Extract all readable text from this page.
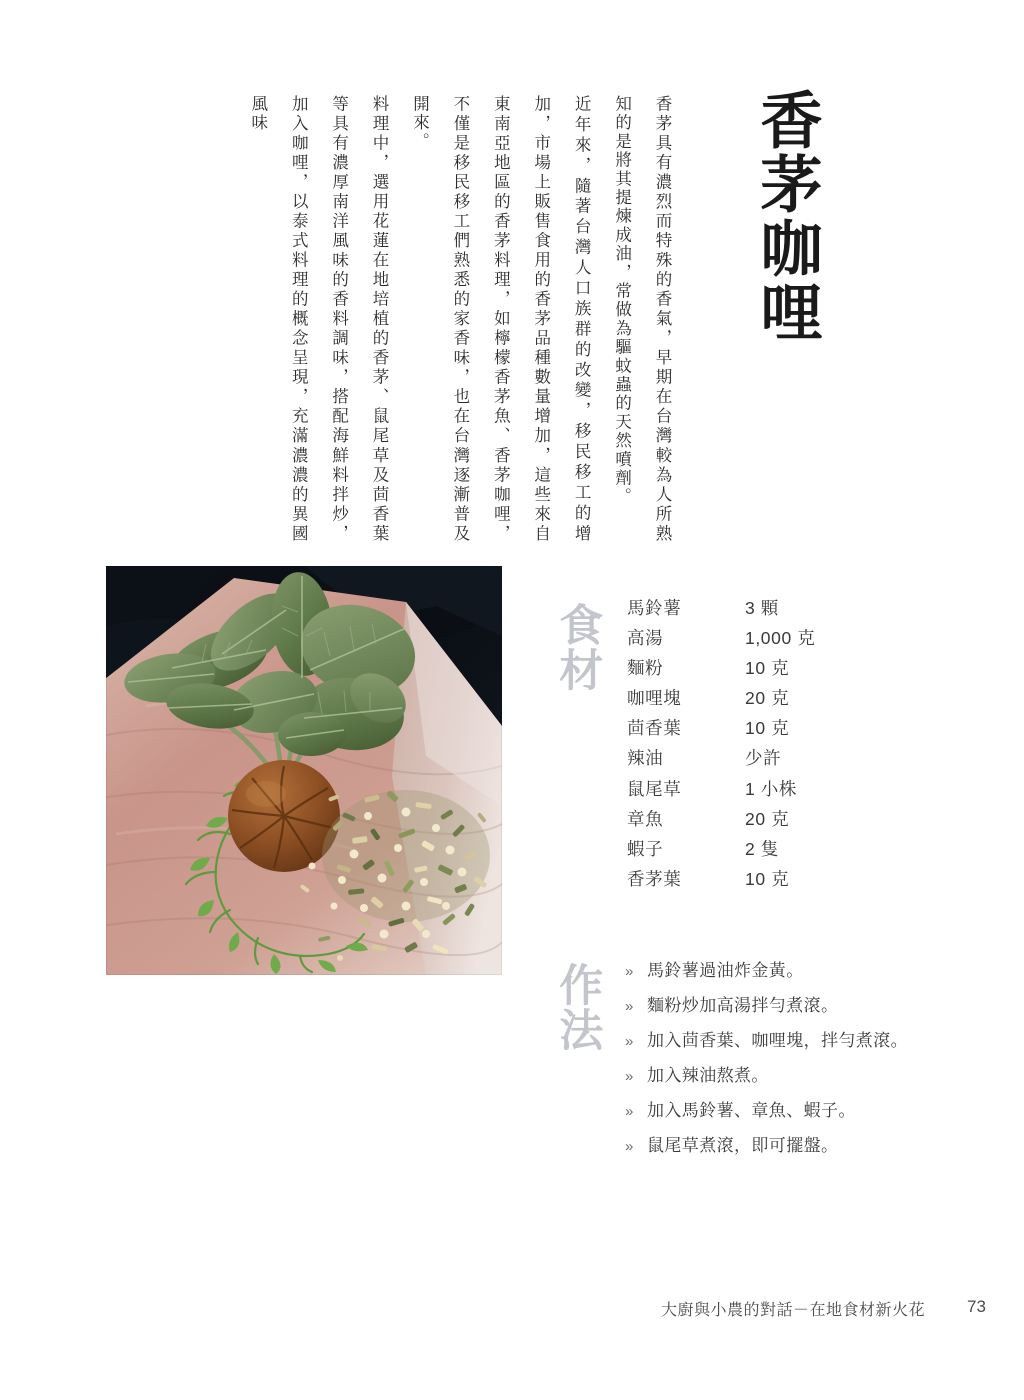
香茅咖哩
香茅具有濃烈而特殊的香氣，早期在台灣較為人所熟知的是將其提煉成油，常做為驅蚊蟲的天然噴劑。
近年來，隨著台灣人口族群的改變，移民移工的增加，市場上販售食用的香茅品種數量增加，這些來自東南亞地區的香茅料理，如檸檬香茅魚、香茅咖哩，不僅是移民移工們熟悉的家香味，也在台灣逐漸普及開來。
料理中，選用花蓮在地培植的香茅、鼠尾草及茴香葉等具有濃厚南洋風味的香料調味，搭配海鮮料拌炒，加入咖哩，以泰式料理的概念呈現，充滿濃濃的異國風味
食材 馬鈴薯	3 顆
高湯	1,000 克
麵粉	10 克
咖哩塊	20 克
茴香葉	10 克
辣油	少許
鼠尾草	1 小株
章魚	20 克
蝦子	2 隻
香茅葉	10 克
作法 » 馬鈴薯過油炸金黃。
» 麵粉炒加高湯拌勻煮滾。
» 加入茴香葉、咖哩塊，拌勻煮滾。
» 加入辣油熬煮。
» 加入馬鈴薯、章魚、蝦子。
» 鼠尾草煮滾，即可擺盤。
大廚與小農的對話－在地食材新火花 73
